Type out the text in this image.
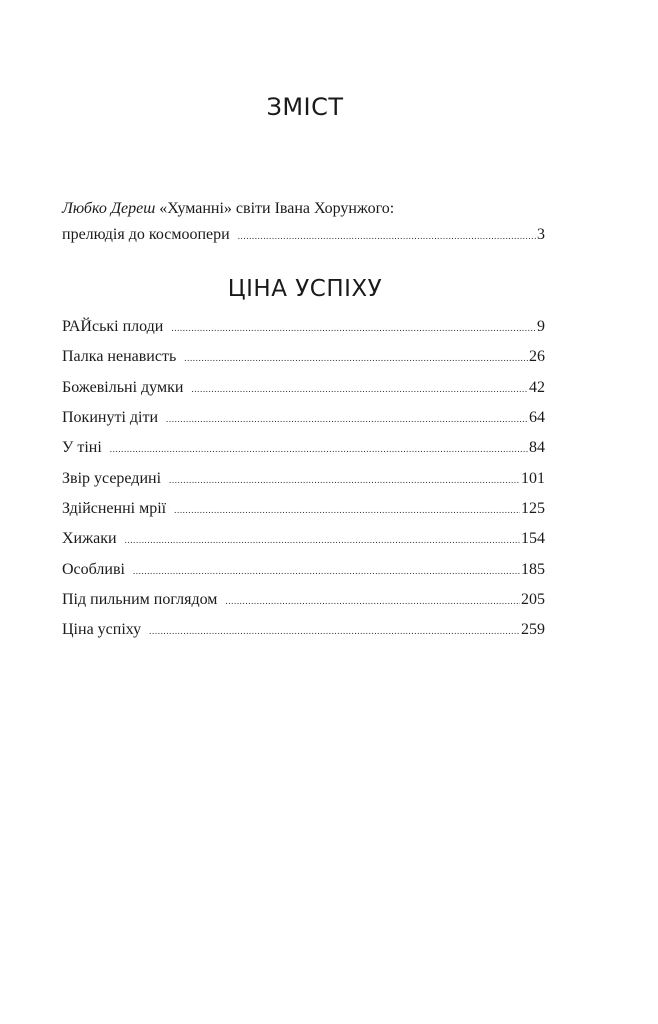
ЗМІСТ
Любко Дереш «Хуманні» світи Івана Хорунжого:
прелюдія до космоопери .....	3
ЦІНА УСПІХУ
РАЙські плоди .....	9
Палка ненависть .....	26
Божевільні думки .....	42
Покинуті діти .....	64
У тіні .....	84
Звір усередині .....	101
Здійсненні мрії .....	125
Хижаки .....	154
Особливі .....	185
Під пильним поглядом .....	205
Ціна успіху .....	259
